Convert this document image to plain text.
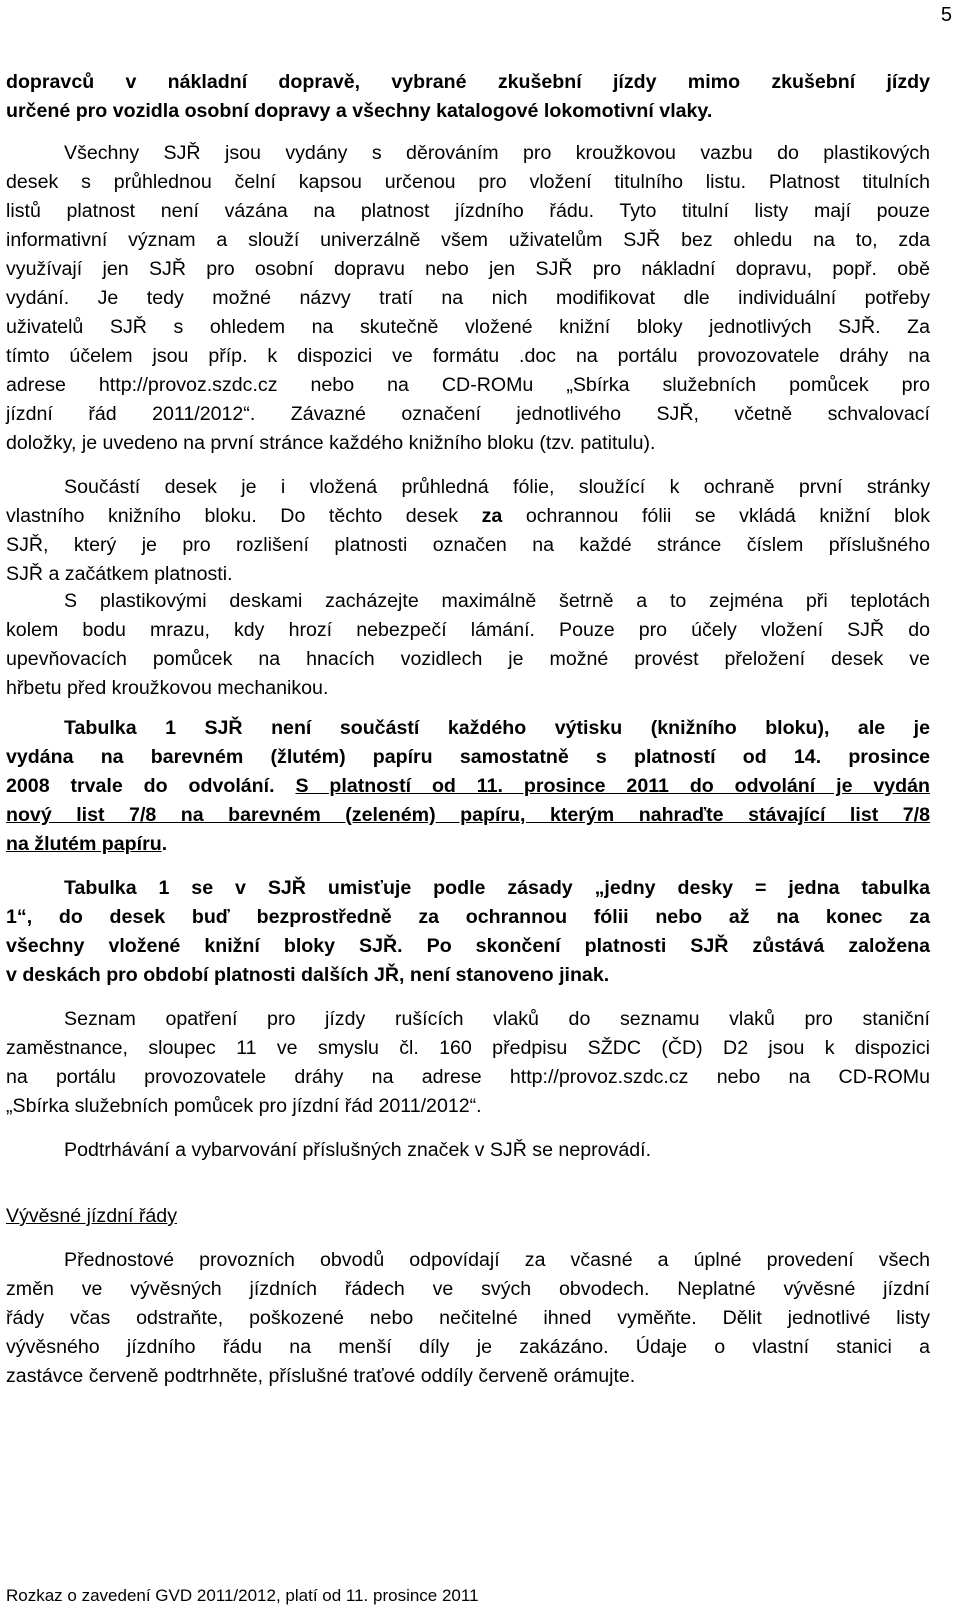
5
dopravců v nákladní dopravě, vybrané zkušební jízdy mimo zkušební jízdy
určené pro vozidla osobní dopravy a všechny katalogové lokomotivní vlaky.
Všechny SJŘ jsou vydány s děrováním pro kroužkovou vazbu do plastikových
desek s průhlednou čelní kapsou určenou pro vložení titulního listu. Platnost titulních
listů platnost není vázána na platnost jízdního řádu. Tyto titulní listy mají pouze
informativní význam a slouží univerzálně všem uživatelům SJŘ bez ohledu na to, zda
využívají jen SJŘ pro osobní dopravu nebo jen SJŘ pro nákladní dopravu, popř. obě
vydání. Je tedy možné názvy tratí na nich modifikovat dle individuální potřeby
uživatelů SJŘ s ohledem na skutečně vložené knižní bloky jednotlivých SJŘ. Za
tímto účelem jsou příp. k dispozici ve formátu .doc na portálu provozovatele dráhy na
adrese http://provoz.szdc.cz nebo na CD-ROMu „Sbírka služebních pomůcek pro
jízdní řád 2011/2012“. Závazné označení jednotlivého SJŘ, včetně schvalovací
doložky, je uvedeno na první stránce každého knižního bloku (tzv. patitulu).
Součástí desek je i vložená průhledná fólie, sloužící k ochraně první stránky
vlastního knižního bloku. Do těchto desek za ochrannou fólii se vkládá knižní blok
SJŘ, který je pro rozlišení platnosti označen na každé stránce číslem příslušného
SJŘ a začátkem platnosti.
S plastikovými deskami zacházejte maximálně šetrně a to zejména při teplotách
kolem bodu mrazu, kdy hrozí nebezpečí lámání. Pouze pro účely vložení SJŘ do
upevňovacích pomůcek na hnacích vozidlech je možné provést přeložení desek ve
hřbetu před kroužkovou mechanikou.
Tabulka 1 SJŘ není součástí každého výtisku (knižního bloku), ale je
vydána na barevném (žlutém) papíru samostatně s platností od 14. prosince
2008 trvale do odvolání. S platností od 11. prosince 2011 do odvolání je vydán
nový list 7/8 na barevném (zeleném) papíru, kterým nahraďte stávající list 7/8
na žlutém papíru.
Tabulka 1 se v SJŘ umisťuje podle zásady „jedny desky = jedna tabulka
1“, do desek buď bezprostředně za ochrannou fólii nebo až na konec za
všechny vložené knižní bloky SJŘ. Po skončení platnosti SJŘ zůstává založena
v deskách pro období platnosti dalších JŘ, není stanoveno jinak.
Seznam opatření pro jízdy rušících vlaků do seznamu vlaků pro staniční
zaměstnance, sloupec 11 ve smyslu čl. 160 předpisu SŽDC (ČD) D2 jsou k dispozici
na portálu provozovatele dráhy na adrese http://provoz.szdc.cz nebo na CD-ROMu
„Sbírka služebních pomůcek pro jízdní řád 2011/2012“.
Podtrhávání a vybarvování příslušných značek v SJŘ se neprovádí.
Vývěsné jízdní řády
Přednostové provozních obvodů odpovídají za včasné a úplné provedení všech
změn ve vývěsných jízdních řádech ve svých obvodech. Neplatné vývěsné jízdní
řády včas odstraňte, poškozené nebo nečitelné ihned vyměňte. Dělit jednotlivé listy
vývěsného jízdního řádu na menší díly je zakázáno. Údaje o vlastní stanici a
zastávce červeně podtrhněte, příslušné traťové oddíly červeně orámujte.
Rozkaz o zavedení GVD 2011/2012, platí od 11. prosince 2011
